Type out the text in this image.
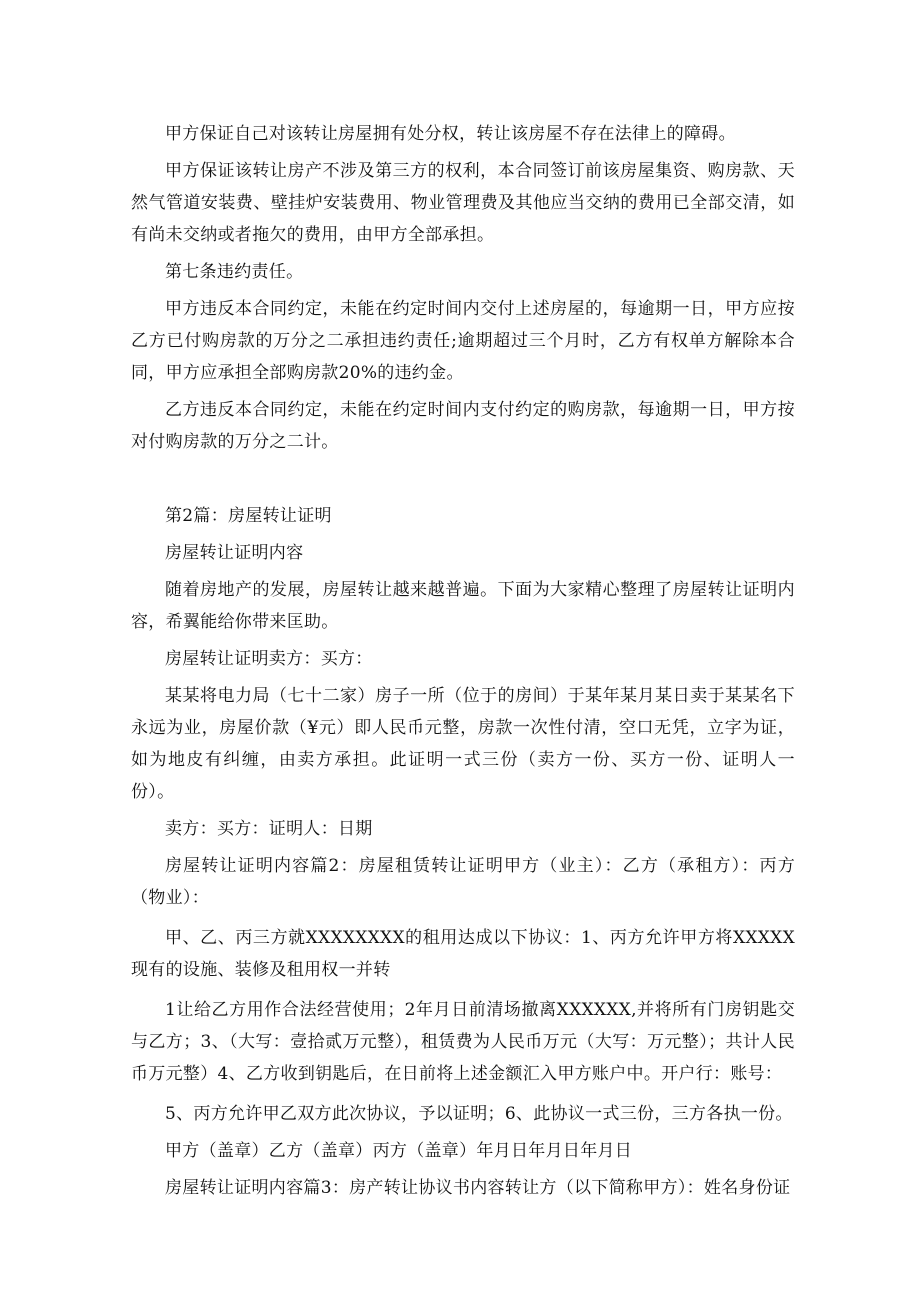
甲方保证自己对该转让房屋拥有处分权，转让该房屋不存在法律上的障碍。

甲方保证该转让房产不涉及第三方的权利，本合同签订前该房屋集资、购房款、天然气管道安装费、壁挂炉安装费用、物业管理费及其他应当交纳的费用已全部交清，如有尚未交纳或者拖欠的费用，由甲方全部承担。

第七条违约责任。

甲方违反本合同约定，未能在约定时间内交付上述房屋的，每逾期一日，甲方应按乙方已付购房款的万分之二承担违约责任;逾期超过三个月时，乙方有权单方解除本合同，甲方应承担全部购房款20%的违约金。

乙方违反本合同约定，未能在约定时间内支付约定的购房款，每逾期一日，甲方按对付购房款的万分之二计。

第2篇：房屋转让证明

房屋转让证明内容

随着房地产的发展，房屋转让越来越普遍。下面为大家精心整理了房屋转让证明内容，希翼能给你带来匡助。

房屋转让证明卖方：买方：

某某将电力局（七十二家）房子一所（位于的房间）于某年某月某日卖于某某名下永远为业，房屋价款（¥元）即人民币元整，房款一次性付清，空口无凭，立字为证，如为地皮有纠缠，由卖方承担。此证明一式三份（卖方一份、买方一份、证明人一份）。

卖方：买方：证明人：日期

房屋转让证明内容篇2：房屋租赁转让证明甲方（业主）：乙方（承租方）：丙方（物业）：

甲、乙、丙三方就XXXXXXXX的租用达成以下协议：1、丙方允许甲方将XXXXX现有的设施、装修及租用权一并转

1让给乙方用作合法经营使用；2年月日前清场撤离XXXXXX,并将所有门房钥匙交与乙方；3、（大写：壹拾贰万元整），租赁费为人民币万元（大写：万元整）；共计人民币万元整）4、乙方收到钥匙后，在日前将上述金额汇入甲方账户中。开户行：账号：

5、丙方允许甲乙双方此次协议，予以证明；6、此协议一式三份，三方各执一份。

甲方（盖章）乙方（盖章）丙方（盖章）年月日年月日年月日

房屋转让证明内容篇3：房产转让协议书内容转让方（以下简称甲方）：姓名身份证
